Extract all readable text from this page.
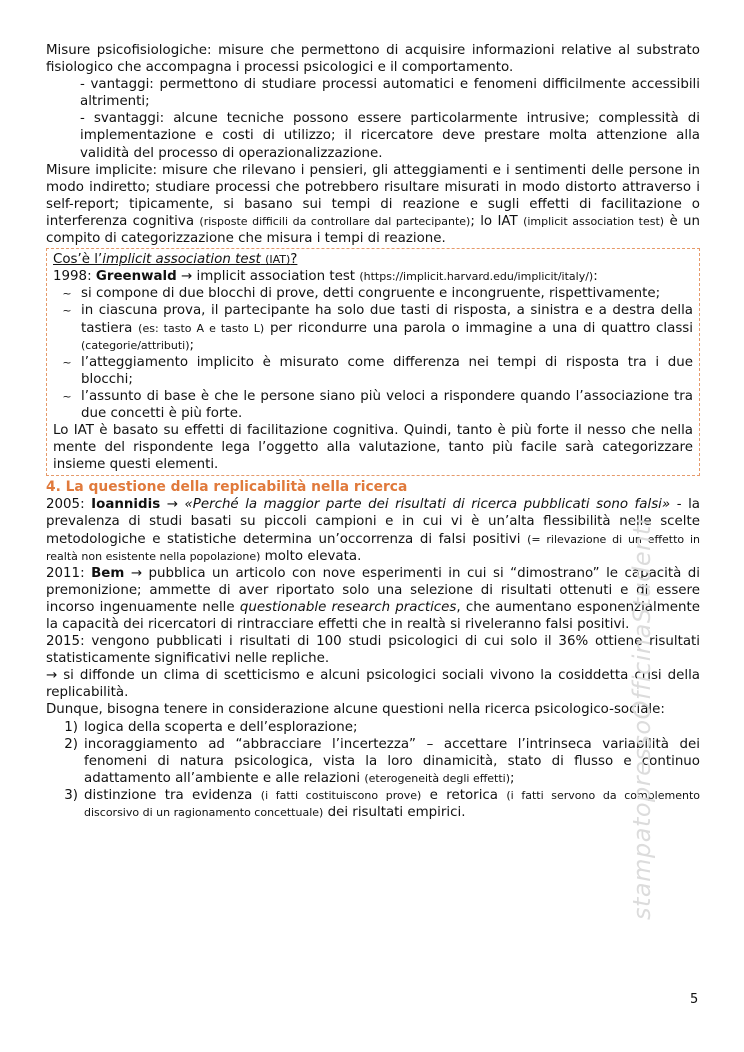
Misure psicofisiologiche: misure che permettono di acquisire informazioni relative al substrato fisiologico che accompagna i processi psicologici e il comportamento.

- vantaggi: permettono di studiare processi automatici e fenomeni difficilmente accessibili altrimenti;

- svantaggi: alcune tecniche possono essere particolarmente intrusive; complessità di implementazione e costi di utilizzo; il ricercatore deve prestare molta attenzione alla validità del processo di operazionalizzazione.

Misure implicite: misure che rilevano i pensieri, gli atteggiamenti e i sentimenti delle persone in modo indiretto; studiare processi che potrebbero risultare misurati in modo distorto attraverso i self-report; tipicamente, si basano sui tempi di reazione e sugli effetti di facilitazione o interferenza cognitiva (risposte difficili da controllare dal partecipante); lo IAT (implicit association test) è un compito di categorizzazione che misura i tempi di reazione.

Cos’è l’implicit association test (IAT)?
1998: Greenwald → implicit association test (https://implicit.harvard.edu/implicit/italy/):
~ si compone di due blocchi di prove, detti congruente e incongruente, rispettivamente;
~ in ciascuna prova, il partecipante ha solo due tasti di risposta, a sinistra e a destra della tastiera (es: tasto A e tasto L) per ricondurre una parola o immagine a una di quattro classi (categorie/attributi);
~ l’atteggiamento implicito è misurato come differenza nei tempi di risposta tra i due blocchi;
~ l’assunto di base è che le persone siano più veloci a rispondere quando l’associazione tra due concetti è più forte.

Lo IAT è basato su effetti di facilitazione cognitiva. Quindi, tanto è più forte il nesso che nella mente del rispondente lega l’oggetto alla valutazione, tanto più facile sarà categorizzare insieme questi elementi.

4. La questione della replicabilità nella ricerca

2005: Ioannidis → «Perché la maggior parte dei risultati di ricerca pubblicati sono falsi» - la prevalenza di studi basati su piccoli campioni e in cui vi è un’alta flessibilità nelle scelte metodologiche e statistiche determina un’occorrenza di falsi positivi (= rilevazione di un effetto in realtà non esistente nella popolazione) molto elevata.

2011: Bem → pubblica un articolo con nove esperimenti in cui si “dimostrano” le capacità di premonizione; ammette di aver riportato solo una selezione di risultati ottenuti e di essere incorso ingenuamente nelle questionable research practices, che aumentano esponenzialmente la capacità dei ricercatori di rintracciare effetti che in realtà si riveleranno falsi positivi.

2015: vengono pubblicati i risultati di 100 studi psicologici di cui solo il 36% ottiene risultati statisticamente significativi nelle repliche.

→ si diffonde un clima di scetticismo e alcuni psicologici sociali vivono la cosiddetta crisi della replicabilità.

Dunque, bisogna tenere in considerazione alcune questioni nella ricerca psicologico-sociale:

1) logica della scoperta e dell’esplorazione;
2) incoraggiamento ad “abbracciare l’incertezza” – accettare l’intrinseca variabilità dei fenomeni di natura psicologica, vista la loro dinamicità, stato di flusso e continuo adattamento all’ambiente e alle relazioni (eterogeneità degli effetti);
3) distinzione tra evidenza (i fatti costituiscono prove) e retorica (i fatti servono da complemento discorsivo di un ragionamento concettuale) dei risultati empirici.	stampatopressoOfficinaStudenti
5
